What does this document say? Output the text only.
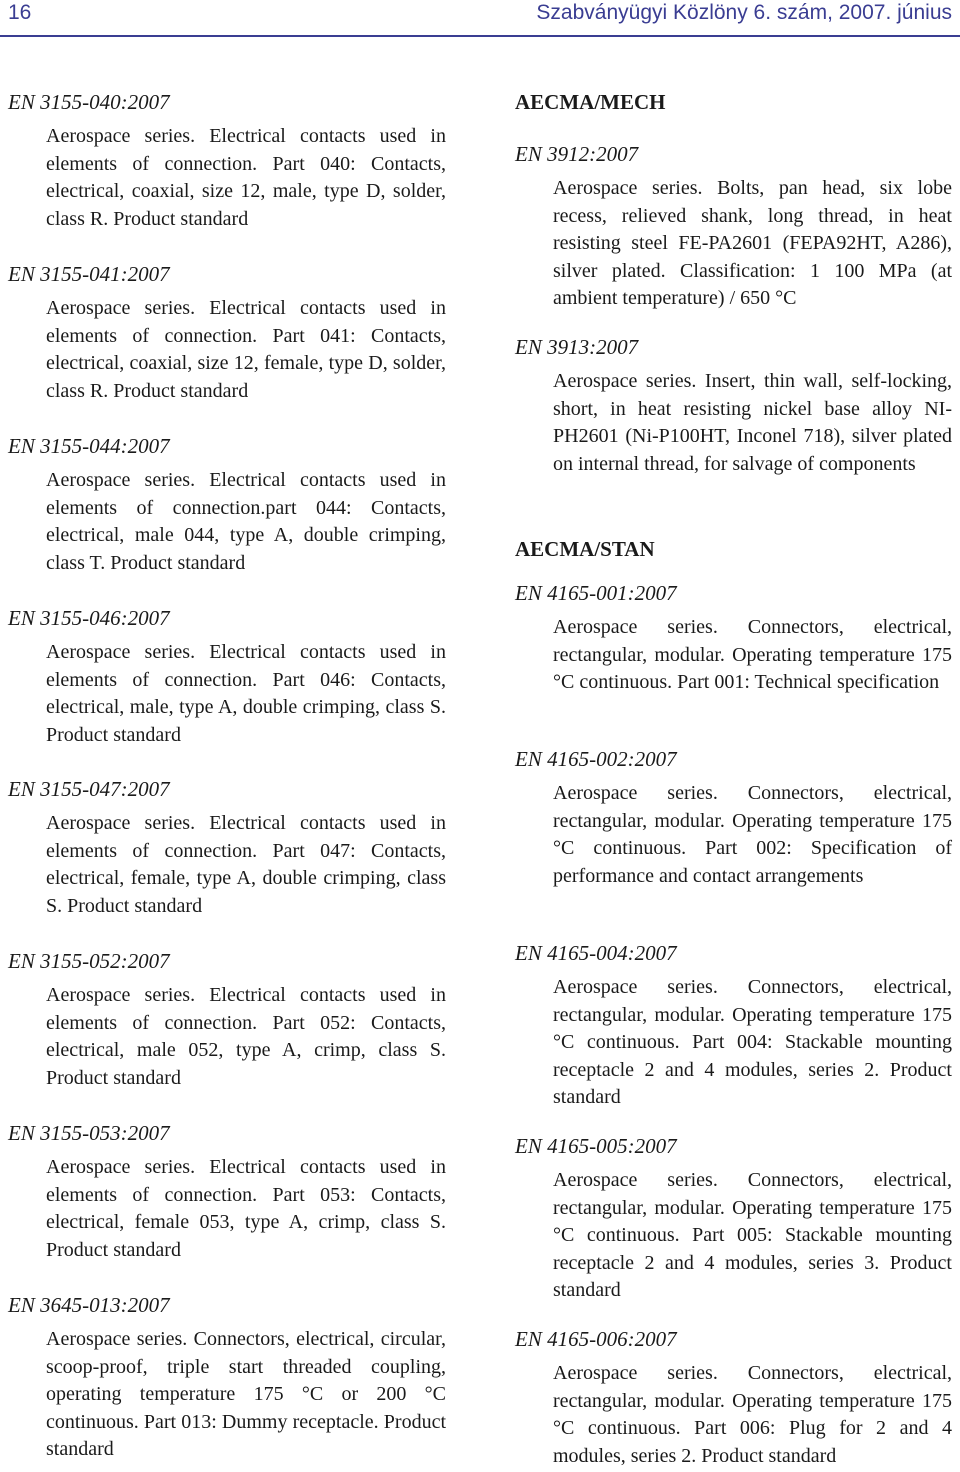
16	Szabványügyi Közlöny 6. szám, 2007. június
EN 3155-040:2007
Aerospace series. Electrical contacts used in elements of connection. Part 040: Contacts, electrical, coaxial, size 12, male, type D, solder, class R. Product standard
EN 3155-041:2007
Aerospace series. Electrical contacts used in elements of connection. Part 041: Contacts, electrical, coaxial, size 12, female, type D, solder, class R. Product standard
EN 3155-044:2007
Aerospace series. Electrical contacts used in elements of connection.part 044: Contacts, electrical, male 044, type A, double crimping, class T. Product standard
EN 3155-046:2007
Aerospace series. Electrical contacts used in elements of connection. Part 046: Contacts, electrical, male, type A, double crimping, class S. Product standard
EN 3155-047:2007
Aerospace series. Electrical contacts used in elements of connection. Part 047: Contacts, electrical, female, type A, double crimping, class S. Product standard
EN 3155-052:2007
Aerospace series. Electrical contacts used in elements of connection. Part 052: Contacts, electrical, male 052, type A, crimp, class S. Product standard
EN 3155-053:2007
Aerospace series. Electrical contacts used in elements of connection. Part 053: Contacts, electrical, female 053, type A, crimp, class S. Product standard
EN 3645-013:2007
Aerospace series. Connectors, electrical, circular, scoop-proof, triple start threaded coupling, operating temperature 175 °C or 200 °C continuous. Part 013: Dummy receptacle. Product standard
AECMA/MECH
EN 3912:2007
Aerospace series. Bolts, pan head, six lobe recess, relieved shank, long thread, in heat resisting steel FE-PA2601 (FEPA92HT, A286), silver plated. Classification: 1 100 MPa (at ambient temperature) / 650 °C
EN 3913:2007
Aerospace series. Insert, thin wall, self-locking, short, in heat resisting nickel base alloy NI-PH2601 (Ni-P100HT, Inconel 718), silver plated on internal thread, for salvage of components
AECMA/STAN
EN 4165-001:2007
Aerospace series. Connectors, electrical, rectangular, modular. Operating temperature 175 °C continuous. Part 001: Technical specification
EN 4165-002:2007
Aerospace series. Connectors, electrical, rectangular, modular. Operating temperature 175 °C continuous. Part 002: Specification of performance and contact arrangements
EN 4165-004:2007
Aerospace series. Connectors, electrical, rectangular, modular. Operating temperature 175 °C continuous. Part 004: Stackable mounting receptacle 2 and 4 modules, series 2. Product standard
EN 4165-005:2007
Aerospace series. Connectors, electrical, rectangular, modular. Operating temperature 175 °C continuous. Part 005: Stackable mounting receptacle 2 and 4 modules, series 3. Product standard
EN 4165-006:2007
Aerospace series. Connectors, electrical, rectangular, modular. Operating temperature 175 °C continuous. Part 006: Plug for 2 and 4 modules, series 2. Product standard
